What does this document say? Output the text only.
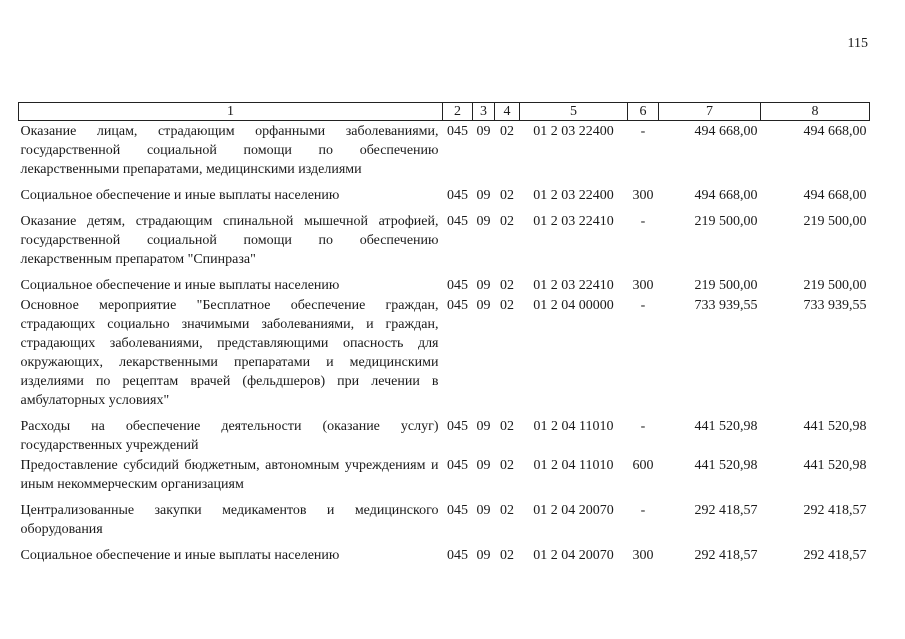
115
1	2	3	4	5	6	7	8
Оказание лицам, страдающим орфанными заболеваниями, государственной социальной помощи по обеспечению лекарственными препаратами, медицинскими изделиями	045	09	02	01 2 03 22400	-	494 668,00	494 668,00

Социальное обеспечение и иные выплаты населению	045	09	02	01 2 03 22400	300	494 668,00	494 668,00

Оказание детям, страдающим спинальной мышечной атрофией, государственной социальной помощи по обеспечению лекарственным препаратом "Спинраза"	045	09	02	01 2 03 22410	-	219 500,00	219 500,00

Социальное обеспечение и иные выплаты населению	045	09	02	01 2 03 22410	300	219 500,00	219 500,00
Основное мероприятие "Бесплатное обеспечение граждан, страдающих социально значимыми заболеваниями, и граждан, страдающих заболеваниями, представляющими опасность для окружающих, лекарственными препаратами и медицинскими изделиями по рецептам врачей (фельдшеров) при лечении в амбулаторных условиях"	045	09	02	01 2 04 00000	-	733 939,55	733 939,55

Расходы на обеспечение деятельности (оказание услуг) государственных учреждений	045	09	02	01 2 04 11010	-	441 520,98	441 520,98
Предоставление субсидий бюджетным, автономным учреждениям и иным некоммерческим организациям	045	09	02	01 2 04 11010	600	441 520,98	441 520,98

Централизованные закупки медикаментов и медицинского оборудования	045	09	02	01 2 04 20070	-	292 418,57	292 418,57

Социальное обеспечение и иные выплаты населению	045	09	02	01 2 04 20070	300	292 418,57	292 418,57
